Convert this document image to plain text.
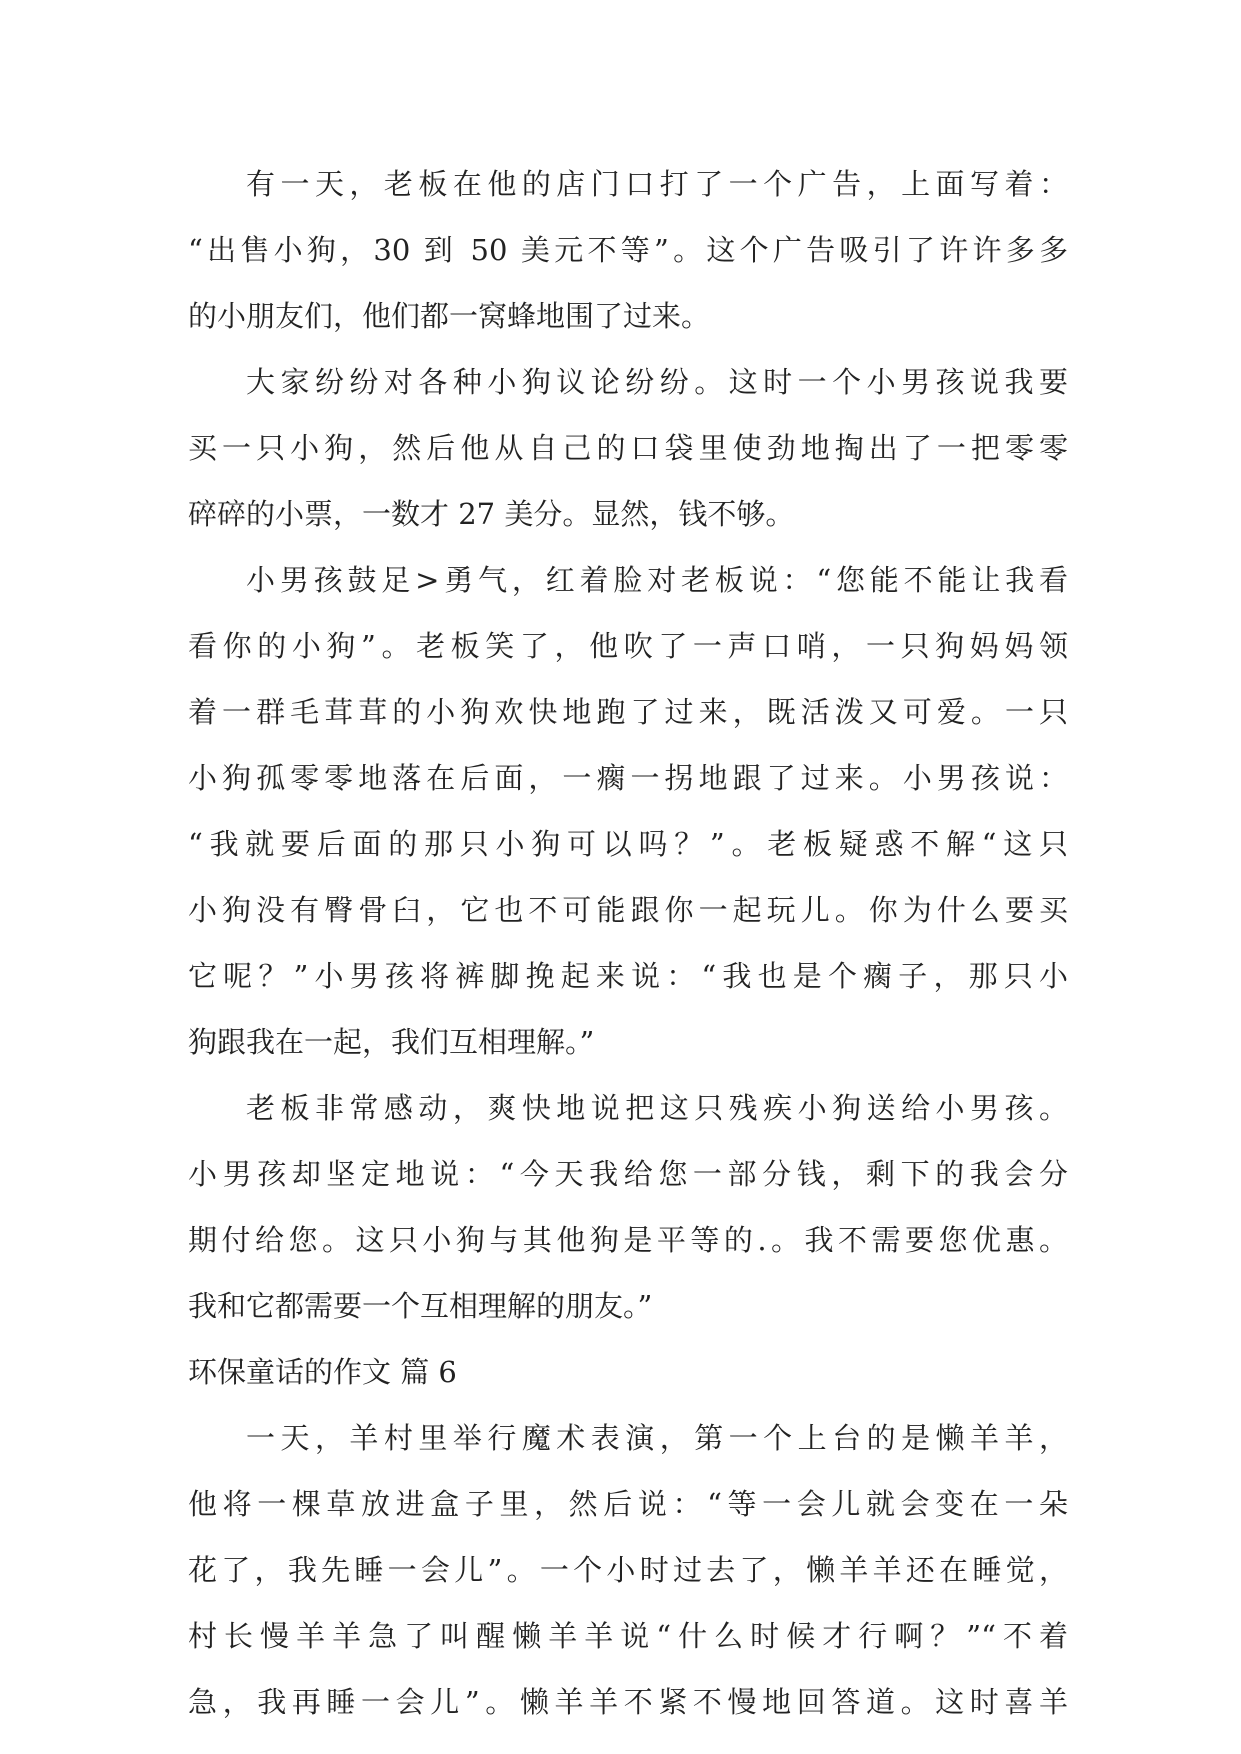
有一天，老板在他的店门口打了一个广告，上面写着：
“出售小狗，30 到 50 美元不等”。这个广告吸引了许许多多
的小朋友们，他们都一窝蜂地围了过来。
大家纷纷对各种小狗议论纷纷。这时一个小男孩说我要
买一只小狗，然后他从自己的口袋里使劲地掏出了一把零零
碎碎的小票，一数才 27 美分。显然，钱不够。
小男孩鼓足>勇气，红着脸对老板说：“您能不能让我看
看你的小狗”。老板笑了，他吹了一声口哨，一只狗妈妈领
着一群毛茸茸的小狗欢快地跑了过来，既活泼又可爱。一只
小狗孤零零地落在后面，一瘸一拐地跟了过来。小男孩说：
“我就要后面的那只小狗可以吗？”。老板疑惑不解“这只
小狗没有臀骨臼，它也不可能跟你一起玩儿。你为什么要买
它呢？”小男孩将裤脚挽起来说：“我也是个瘸子，那只小
狗跟我在一起，我们互相理解。”
老板非常感动，爽快地说把这只残疾小狗送给小男孩。
小男孩却坚定地说：“今天我给您一部分钱，剩下的我会分
期付给您。这只小狗与其他狗是平等的.。我不需要您优惠。
我和它都需要一个互相理解的朋友。”
环保童话的作文 篇 6
一天，羊村里举行魔术表演，第一个上台的是懒羊羊，
他将一棵草放进盒子里，然后说：“等一会儿就会变在一朵
花了，我先睡一会儿”。一个小时过去了，懒羊羊还在睡觉，
村长慢羊羊急了叫醒懒羊羊说“什么时候才行啊？”“不着
急，我再睡一会儿”。懒羊羊不紧不慢地回答道。这时喜羊
